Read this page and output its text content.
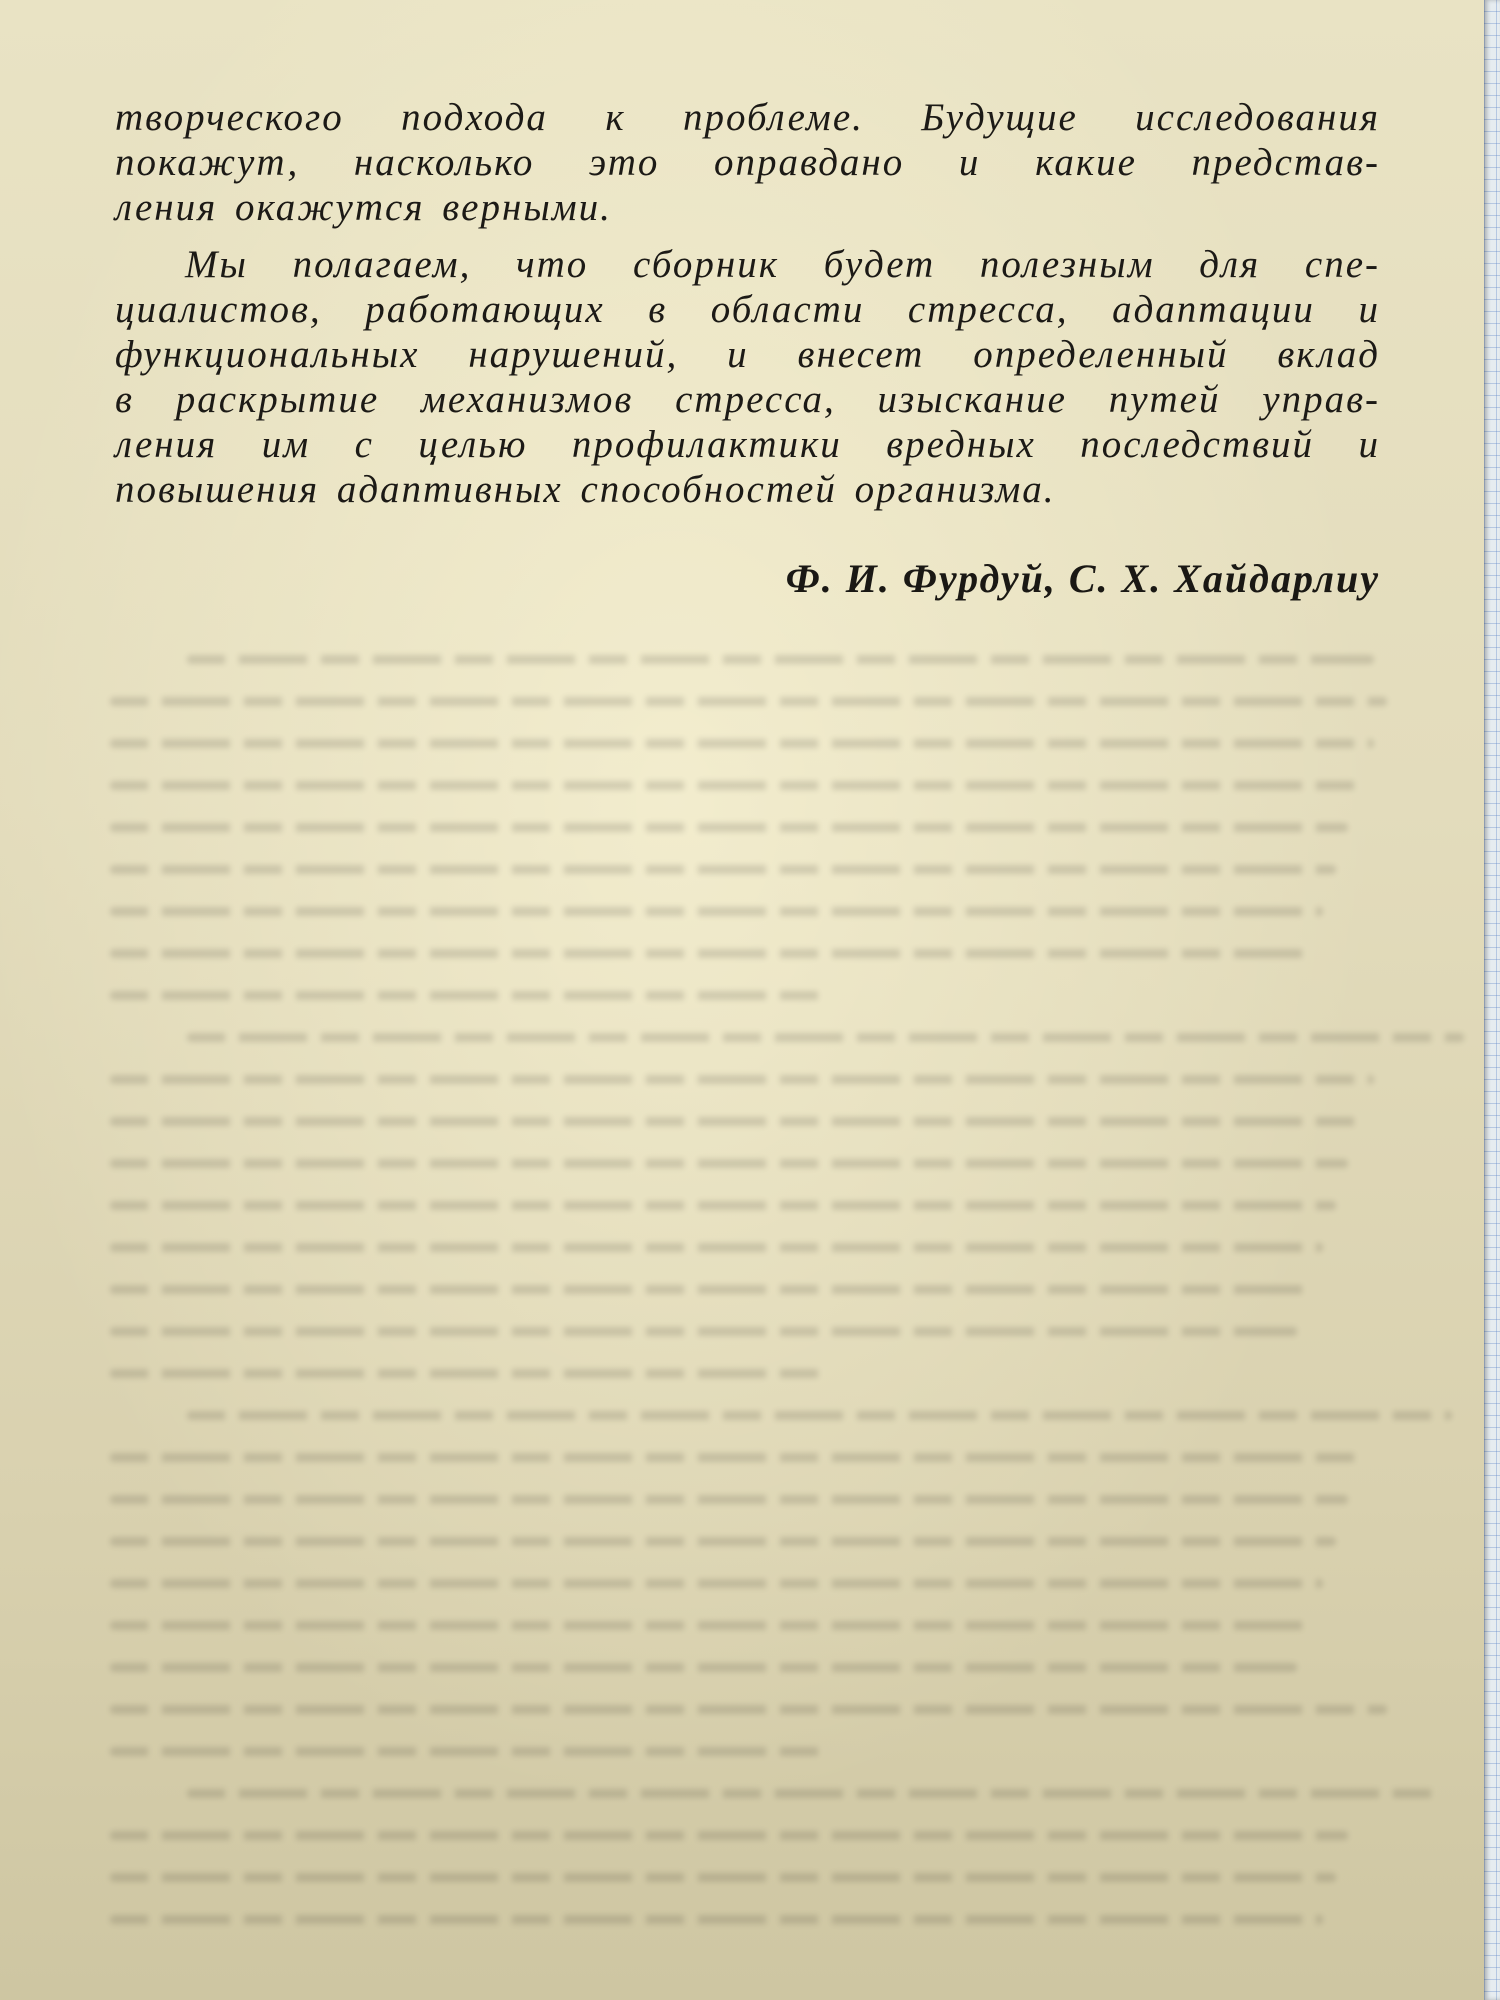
творческого подхода к проблеме. Будущие исследования
покажут, насколько это оправдано и какие представ-
ления окажутся верными.

Мы полагаем, что сборник будет полезным для спе-
циалистов, работающих в области стресса, адаптации и
функциональных нарушений, и внесет определенный вклад
в раскрытие механизмов стресса, изыскание путей управ-
ления им с целью профилактики вредных последствий и
повышения адаптивных способностей организма.

Ф. И. Фурдуй, С. Х. Хайдарлиу
